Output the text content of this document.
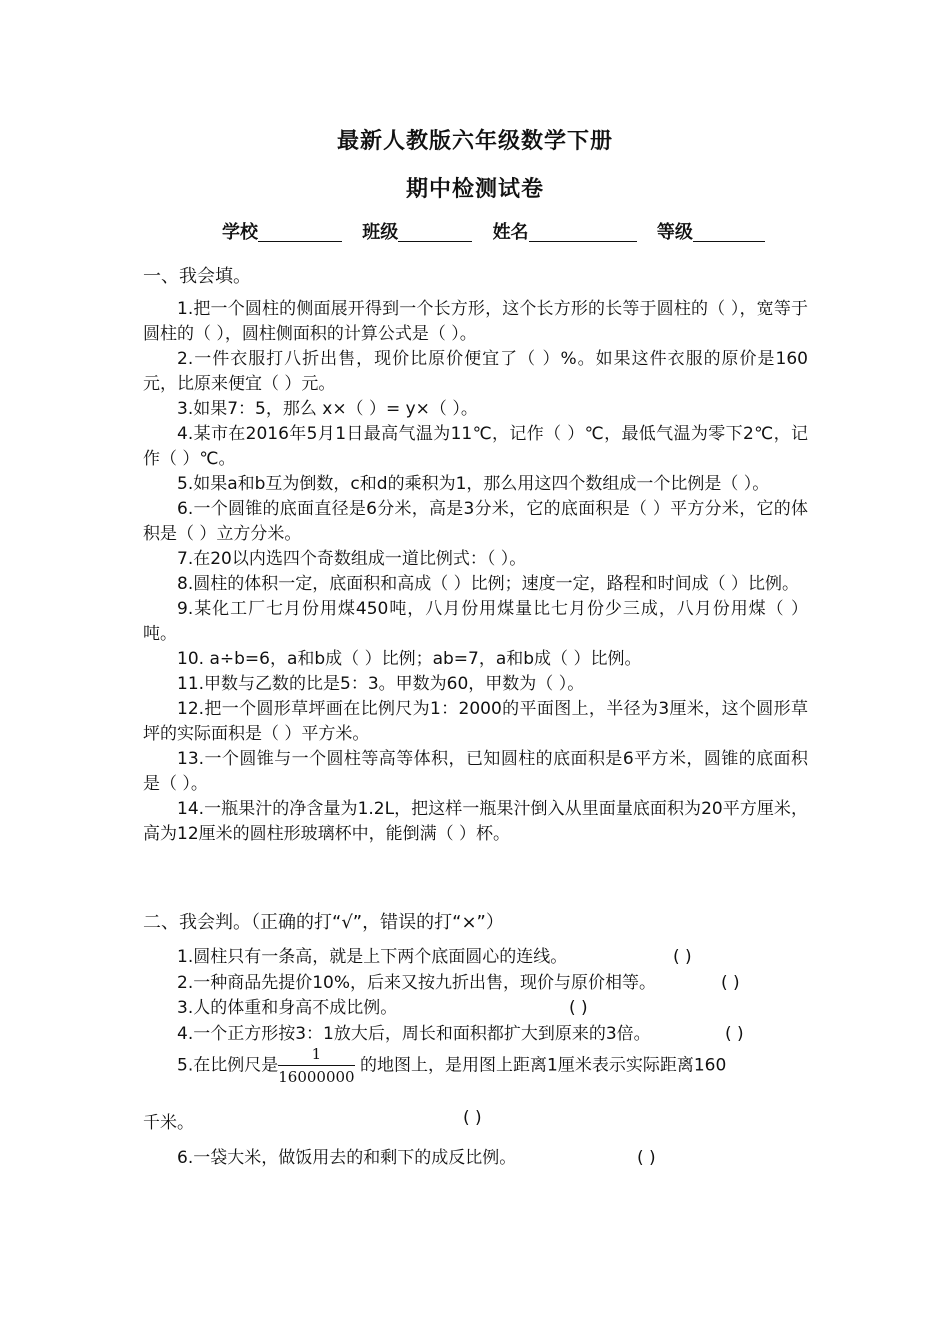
最新人教版六年级数学下册
期中检测试卷
学校	班级	姓名	等级
一、我会填。

1.把一个圆柱的侧面展开得到一个长方形，这个长方形的长等于圆柱的（ ），宽等于圆柱的（ ），圆柱侧面积的计算公式是（ ）。

2.一件衣服打八折出售，现价比原价便宜了（ ）%。如果这件衣服的原价是160元，比原来便宜（ ）元。

3.如果7：5，那么 x×（ ）= y×（ ）。

4.某市在2016年5月1日最高气温为11℃，记作（ ）℃，最低气温为零下2℃，记作（ ）℃。

5.如果a和b互为倒数，c和d的乘积为1，那么用这四个数组成一个比例是（ ）。

6.一个圆锥的底面直径是6分米，高是3分米，它的底面积是（ ）平方分米，它的体积是（ ）立方分米。

7.在20以内选四个奇数组成一道比例式：（ ）。

8.圆柱的体积一定，底面积和高成（ ）比例；速度一定，路程和时间成（ ）比例。

9.某化工厂七月份用煤450吨，八月份用煤量比七月份少三成，八月份用煤（ ）吨。

10. a÷b=6，a和b成（ ）比例；ab=7，a和b成（ ）比例。

11.甲数与乙数的比是5：3。甲数为60，甲数为（ ）。

12.把一个圆形草坪画在比例尺为1：2000的平面图上，半径为3厘米，这个圆形草坪的实际面积是（ ）平方米。

13.一个圆锥与一个圆柱等高等体积，已知圆柱的底面积是6平方米，圆锥的底面积是（ ）。

14.一瓶果汁的净含量为1.2L，把这样一瓶果汁倒入从里面量底面积为20平方厘米，高为12厘米的圆柱形玻璃杯中，能倒满（ ）杯。

二、我会判。（正确的打“√”，错误的打“×”）
1.圆柱只有一条高，就是上下两个底面圆心的连线。	( )
2.一种商品先提价10%，后来又按九折出售，现价与原价相等。	( )
3.人的体重和身高不成比例。	( )
4.一个正方形按3：1放大后，周长和面积都扩大到原来的3倍。	( )
5.在比例尺是 $\frac{1}{16000000}$ 的地图上，是用图上距离1厘米表示实际距离160
千米。	( )
6.一袋大米，做饭用去的和剩下的成反比例。	( )
